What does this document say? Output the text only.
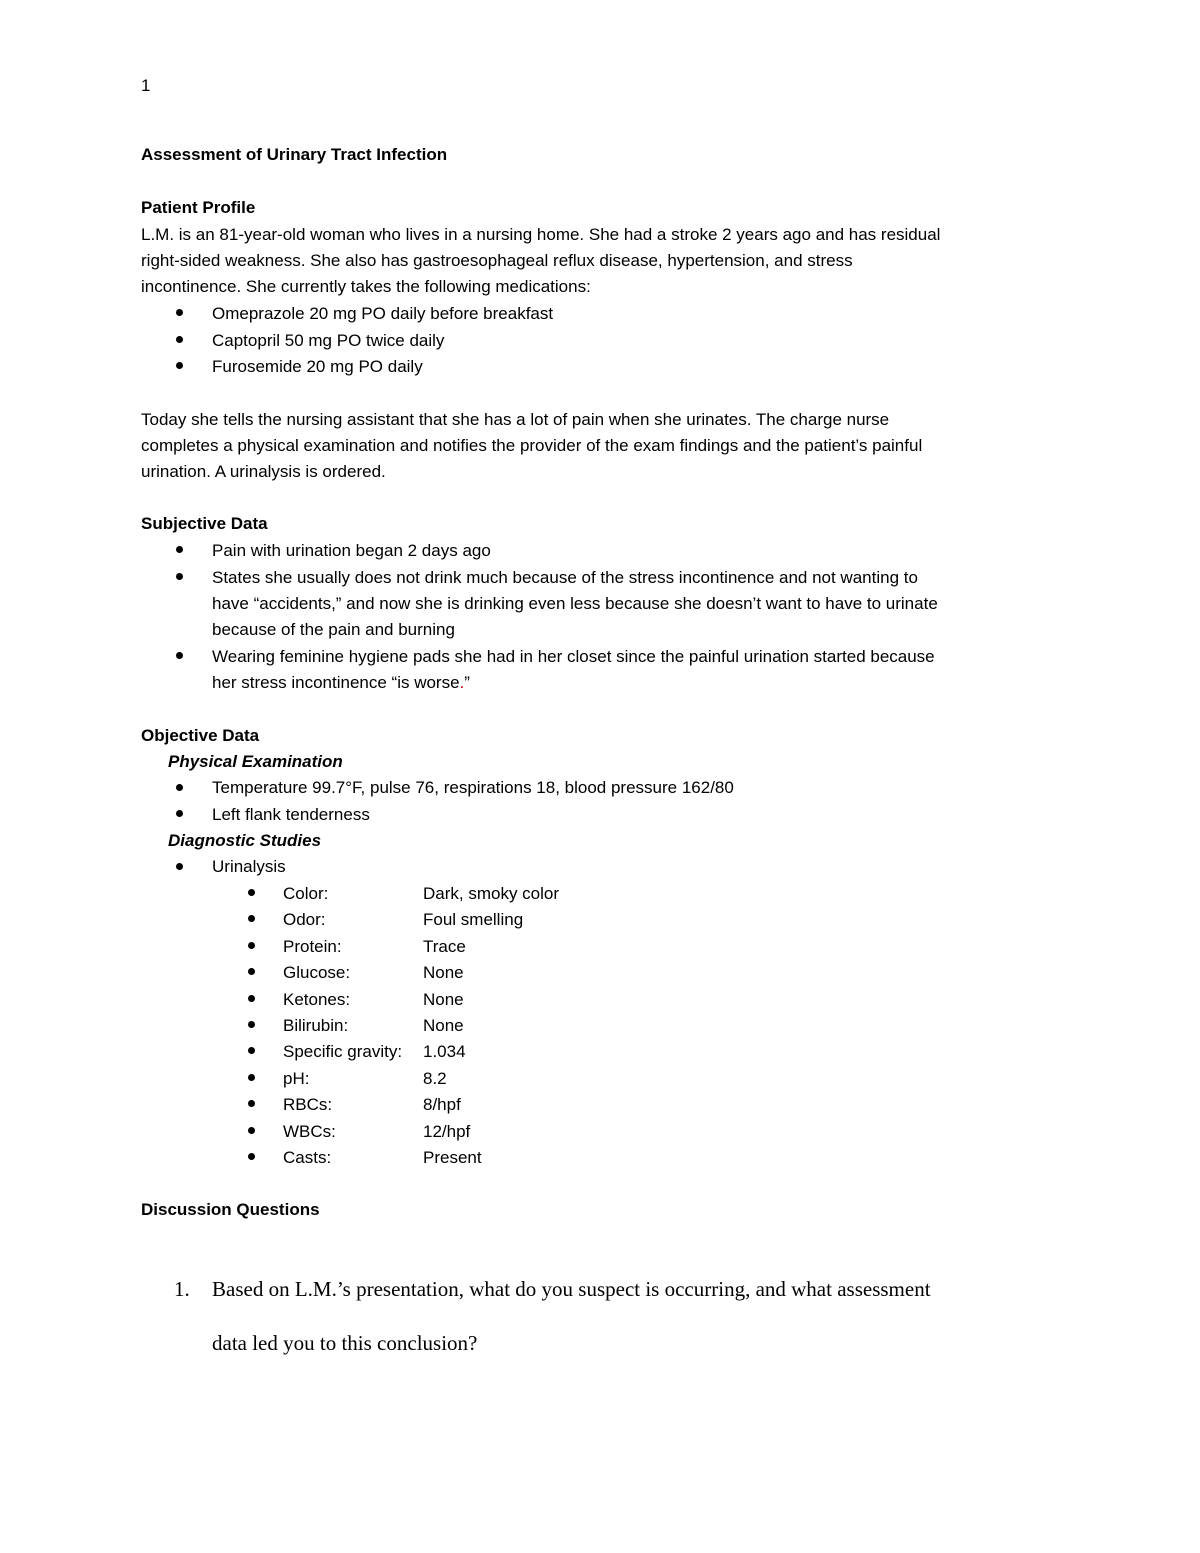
1
Assessment of Urinary Tract Infection
Patient Profile
L.M. is an 81-year-old woman who lives in a nursing home. She had a stroke 2 years ago and has residual
right-sided weakness. She also has gastroesophageal reflux disease, hypertension, and stress
incontinence. She currently takes the following medications:
Omeprazole 20 mg PO daily before breakfast
Captopril 50 mg PO twice daily
Furosemide 20 mg PO daily
Today she tells the nursing assistant that she has a lot of pain when she urinates. The charge nurse
completes a physical examination and notifies the provider of the exam findings and the patient’s painful
urination. A urinalysis is ordered.
Subjective Data
Pain with urination began 2 days ago
States she usually does not drink much because of the stress incontinence and not wanting to
have “accidents,” and now she is drinking even less because she doesn’t want to have to urinate
because of the pain and burning
Wearing feminine hygiene pads she had in her closet since the painful urination started because
her stress incontinence “is worse.”
Objective Data
Physical Examination
Temperature 99.7°F, pulse 76, respirations 18, blood pressure 162/80
Left flank tenderness
Diagnostic Studies
Urinalysis
Color:	Dark, smoky color
Odor:	Foul smelling
Protein:	Trace
Glucose:	None
Ketones:	None
Bilirubin:	None
Specific gravity: 1.034
pH:	8.2
RBCs:	8/hpf
WBCs:	12/hpf
Casts:	Present
Discussion Questions
1. Based on L.M.’s presentation, what do you suspect is occurring, and what assessment
data led you to this conclusion?
